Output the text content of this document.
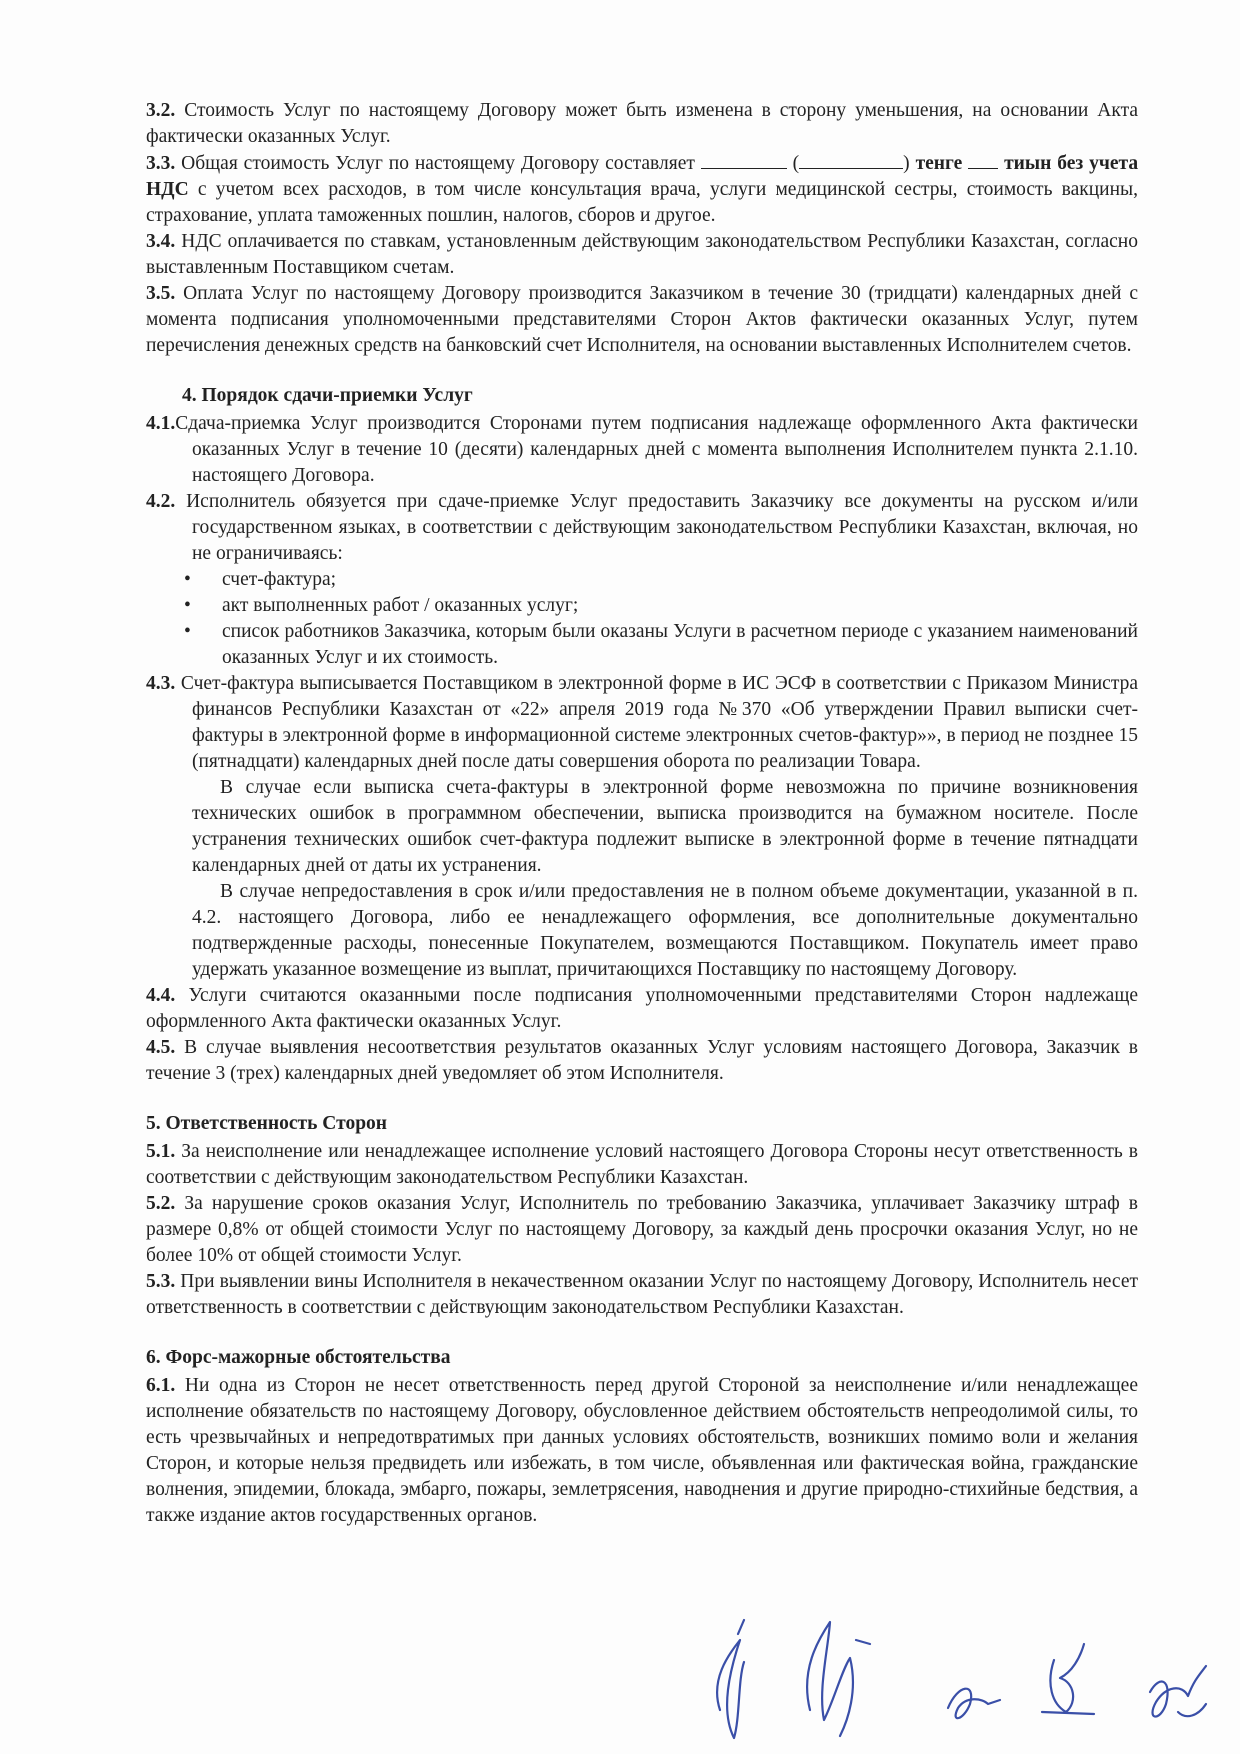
3.2. Стоимость Услуг по настоящему Договору может быть изменена в сторону уменьшения, на основании Акта фактически оказанных Услуг.

3.3. Общая стоимость Услуг по настоящему Договору составляет	(	) тенге тиын без учета НДС с учетом всех расходов, в том числе консультация врача, услуги медицинской сестры, стоимость вакцины, страхование, уплата таможенных пошлин, налогов, сборов и другое.

3.4. НДС оплачивается по ставкам, установленным действующим законодательством Республики Казахстан, согласно выставленным Поставщиком счетам.

3.5. Оплата Услуг по настоящему Договору производится Заказчиком в течение 30 (тридцати) календарных дней с момента подписания уполномоченными представителями Сторон Актов фактически оказанных Услуг, путем перечисления денежных средств на банковский счет Исполнителя, на основании выставленных Исполнителем счетов.

4. Порядок сдачи-приемки Услуг

4.1.Сдача-приемка Услуг производится Сторонами путем подписания надлежаще оформленного Акта фактически оказанных Услуг в течение 10 (десяти) календарных дней с момента выполнения Исполнителем пункта 2.1.10. настоящего Договора.

4.2. Исполнитель обязуется при сдаче-приемке Услуг предоставить Заказчику все документы на русском и/или государственном языках, в соответствии с действующим законодательством Республики Казахстан, включая, но не ограничиваясь:

• счет-фактура;

• акт выполненных работ / оказанных услуг;

• список работников Заказчика, которым были оказаны Услуги в расчетном периоде с указанием наименований оказанных Услуг и их стоимость.

4.3. Счет-фактура выписывается Поставщиком в электронной форме в ИС ЭСФ в соответствии с Приказом Министра финансов Республики Казахстан от «22» апреля 2019 года №370 «Об утверждении Правил выписки счет-фактуры в электронной форме в информационной системе электронных счетов-фактур»», в период не позднее 15 (пятнадцати) календарных дней после даты совершения оборота по реализации Товара.

В случае если выписка счета-фактуры в электронной форме невозможна по причине возникновения технических ошибок в программном обеспечении, выписка производится на бумажном носителе. После устранения технических ошибок счет-фактура подлежит выписке в электронной форме в течение пятнадцати календарных дней от даты их устранения.

В случае непредоставления в срок и/или предоставления не в полном объеме документации, указанной в п. 4.2. настоящего Договора, либо ее ненадлежащего оформления, все дополнительные документально подтвержденные расходы, понесенные Покупателем, возмещаются Поставщиком. Покупатель имеет право удержать указанное возмещение из выплат, причитающихся Поставщику по настоящему Договору.

4.4. Услуги считаются оказанными после подписания уполномоченными представителями Сторон надлежаще оформленного Акта фактически оказанных Услуг.

4.5. В случае выявления несоответствия результатов оказанных Услуг условиям настоящего Договора, Заказчик в течение 3 (трех) календарных дней уведомляет об этом Исполнителя.

5. Ответственность Сторон

5.1. За неисполнение или ненадлежащее исполнение условий настоящего Договора Стороны несут ответственность в соответствии с действующим законодательством Республики Казахстан.

5.2. За нарушение сроков оказания Услуг, Исполнитель по требованию Заказчика, уплачивает Заказчику штраф в размере 0,8% от общей стоимости Услуг по настоящему Договору, за каждый день просрочки оказания Услуг, но не более 10% от общей стоимости Услуг.

5.3. При выявлении вины Исполнителя в некачественном оказании Услуг по настоящему Договору, Исполнитель несет ответственность в соответствии с действующим законодательством Республики Казахстан.

6. Форс-мажорные обстоятельства

6.1. Ни одна из Сторон не несет ответственность перед другой Стороной за неисполнение и/или ненадлежащее исполнение обязательств по настоящему Договору, обусловленное действием обстоятельств непреодолимой силы, то есть чрезвычайных и непредотвратимых при данных условиях обстоятельств, возникших помимо воли и желания Сторон, и которые нельзя предвидеть или избежать, в том числе, объявленная или фактическая война, гражданские волнения, эпидемии, блокада, эмбарго, пожары, землетрясения, наводнения и другие природно-стихийные бедствия, а также издание актов государственных органов.
